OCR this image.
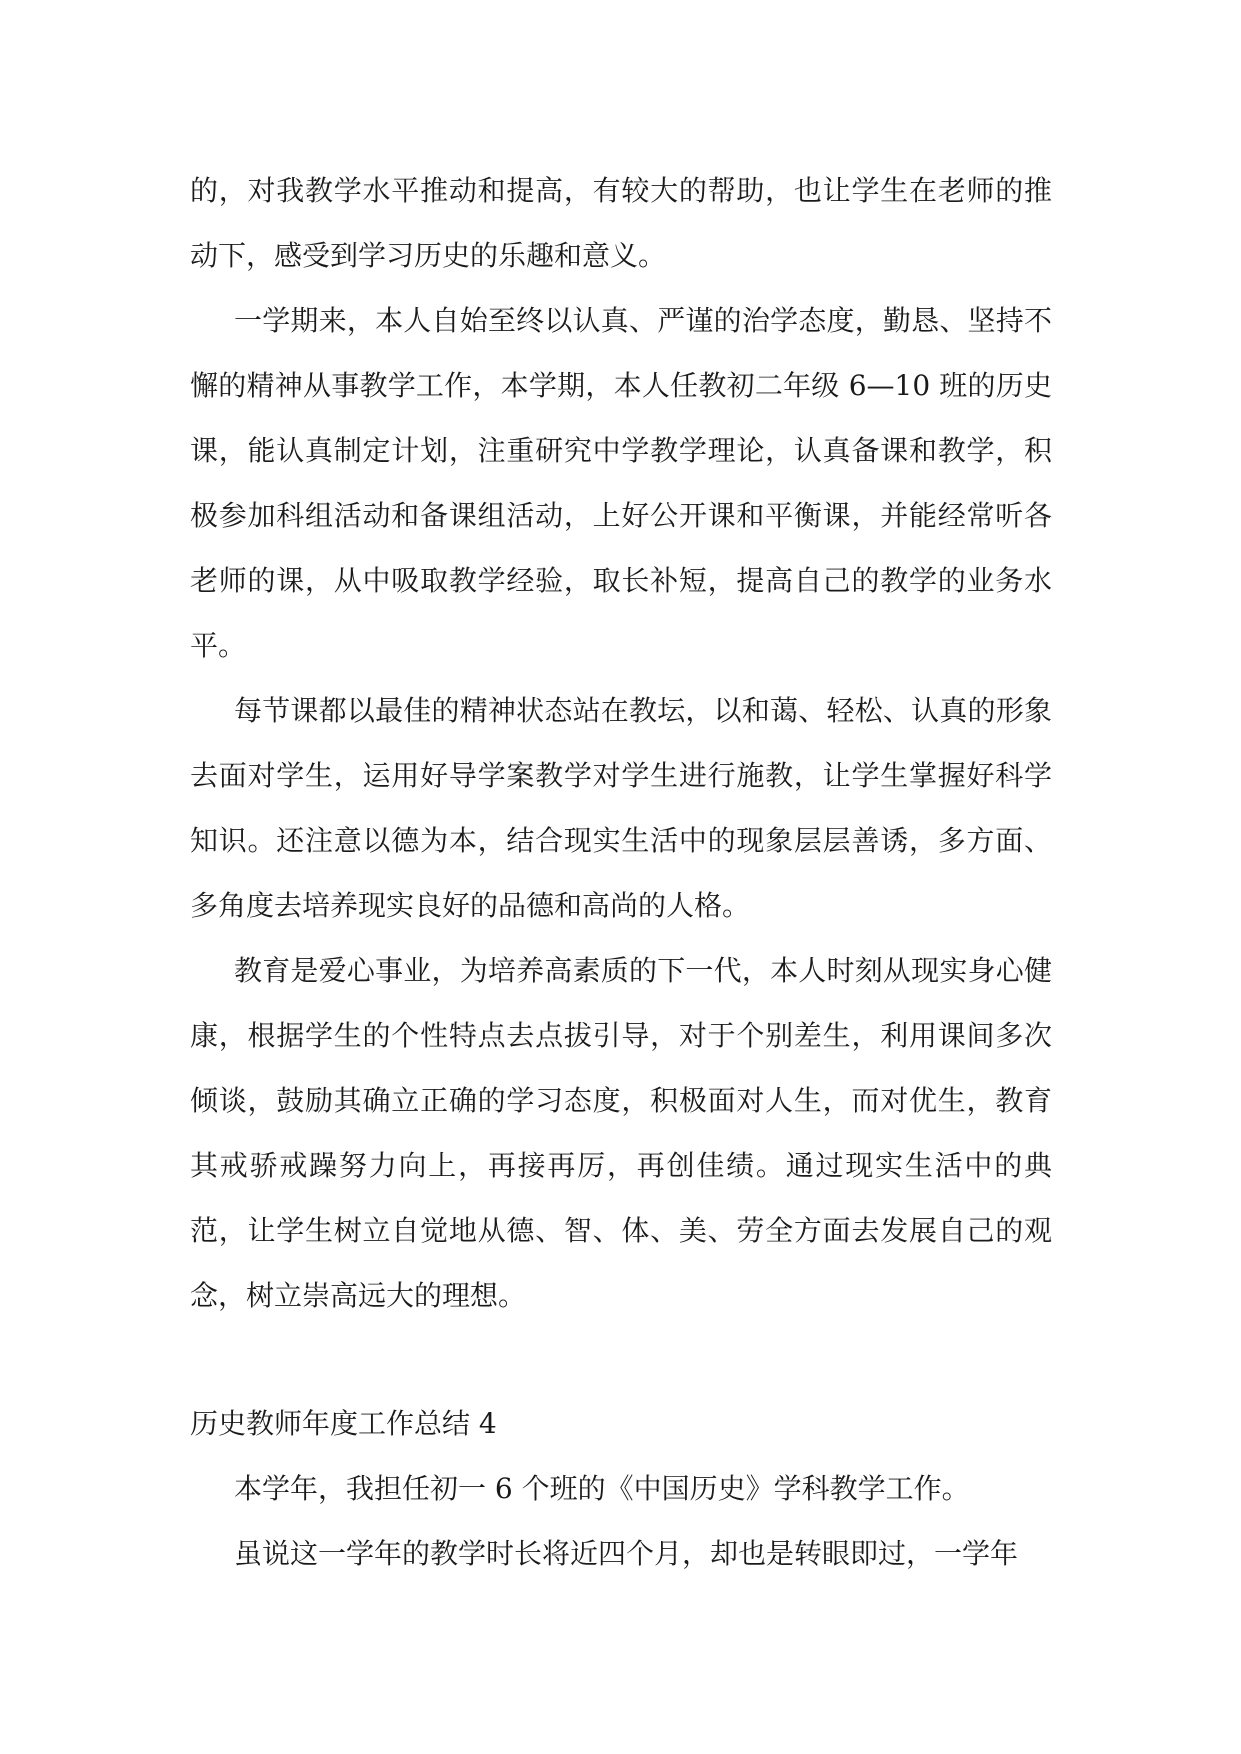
的，对我教学水平推动和提高，有较大的帮助，也让学生在老师的推动下，感受到学习历史的乐趣和意义。

一学期来，本人自始至终以认真、严谨的治学态度，勤恳、坚持不懈的精神从事教学工作，本学期，本人任教初二年级 6—10 班的历史课，能认真制定计划，注重研究中学教学理论，认真备课和教学，积极参加科组活动和备课组活动，上好公开课和平衡课，并能经常听各老师的课，从中吸取教学经验，取长补短，提高自己的教学的业务水平。

每节课都以最佳的精神状态站在教坛，以和蔼、轻松、认真的形象去面对学生，运用好导学案教学对学生进行施教，让学生掌握好科学知识。还注意以德为本，结合现实生活中的现象层层善诱，多方面、多角度去培养现实良好的品德和高尚的人格。

教育是爱心事业，为培养高素质的下一代，本人时刻从现实身心健康，根据学生的个性特点去点拔引导，对于个别差生，利用课间多次倾谈，鼓励其确立正确的学习态度，积极面对人生，而对优生，教育其戒骄戒躁努力向上，再接再厉，再创佳绩。通过现实生活中的典范，让学生树立自觉地从德、智、体、美、劳全方面去发展自己的观念，树立崇高远大的理想。

历史教师年度工作总结 4

本学年，我担任初一 6 个班的《中国历史》学科教学工作。

虽说这一学年的教学时长将近四个月，却也是转眼即过，一学年
